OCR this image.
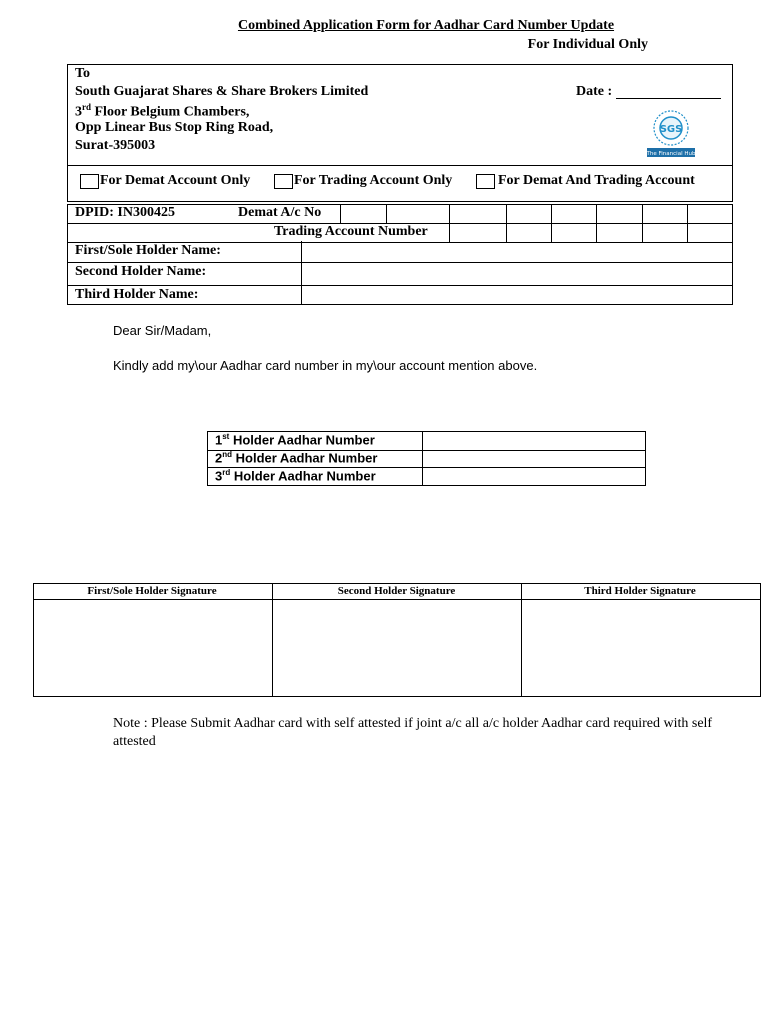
Combined Application Form for Aadhar Card Number Update
For Individual Only
To
South Guajarat Shares & Share Brokers Limited
3rd Floor Belgium Chambers,
Opp Linear Bus Stop Ring Road,
Surat-395003
Date :
SGS
The Financial Hub
For Demat Account Only	For Trading Account Only	For Demat And Trading Account
DPID: IN300425	Demat A/c No
Trading Account Number
First/Sole Holder Name:
Second Holder Name:
Third Holder Name:
Dear Sir/Madam,
Kindly add my\our Aadhar card number in my\our account mention above.
1st Holder Aadhar Number
2nd Holder Aadhar Number
3rd Holder Aadhar Number
First/Sole Holder Signature	Second Holder Signature	Third Holder Signature
Note : Please Submit Aadhar card with self attested if joint a/c all a/c holder Aadhar card required with self attested
